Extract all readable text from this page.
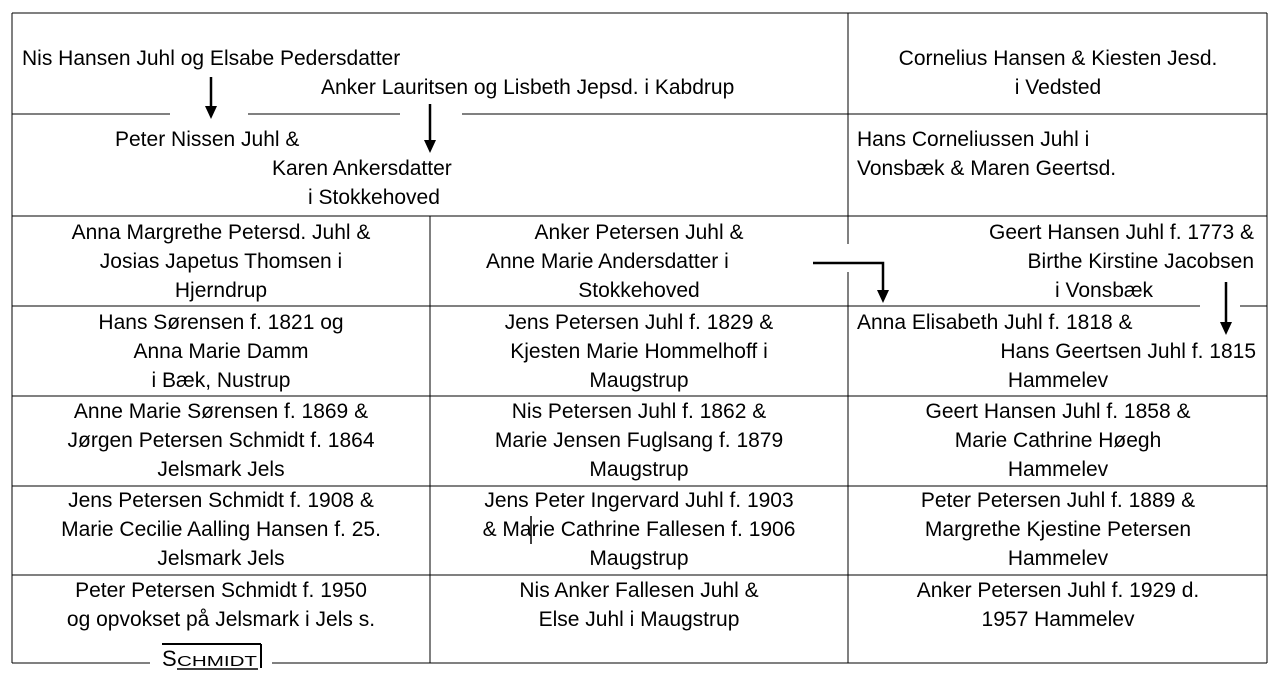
Nis Hansen Juhl og Elsabe Pedersdatter
Anker Lauritsen og Lisbeth Jepsd. i Kabdrup
Cornelius Hansen & Kiesten Jesd.
i Vedsted
Peter Nissen Juhl &
Karen Ankersdatter
i Stokkehoved
Hans Corneliussen Juhl i
Vonsbæk & Maren Geertsd.
Anna Margrethe Petersd. Juhl &
Josias Japetus Thomsen i
Hjerndrup
Anker Petersen Juhl &
Anne Marie Andersdatter i
Stokkehoved
Geert Hansen Juhl f. 1773 &
Birthe Kirstine Jacobsen
i Vonsbæk
Hans Sørensen f. 1821 og
Anna Marie Damm
i Bæk, Nustrup
Jens Petersen Juhl f. 1829 &
Kjesten Marie Hommelhoff i
Maugstrup
Anna Elisabeth Juhl f. 1818 &
Hans Geertsen Juhl f. 1815
Hammelev
Anne Marie Sørensen f. 1869 &
Jørgen Petersen Schmidt f. 1864
Jelsmark Jels
Nis Petersen Juhl f. 1862 &
Marie Jensen Fuglsang f. 1879
Maugstrup
Geert Hansen Juhl f. 1858 &
Marie Cathrine Høegh
Hammelev
Jens Petersen Schmidt f. 1908 &
Marie Cecilie Aalling Hansen f. 25.
Jelsmark Jels
Jens Peter Ingervard Juhl f. 1903
& Marie Cathrine Fallesen f. 1906
Maugstrup
Peter Petersen Juhl f. 1889 &
Margrethe Kjestine Petersen
Hammelev
Peter Petersen Schmidt f. 1950
og opvokset på Jelsmark i Jels s.
Nis Anker Fallesen Juhl &
Else Juhl i Maugstrup
Anker Petersen Juhl f. 1929 d.
1957 Hammelev
S CHMIDT
